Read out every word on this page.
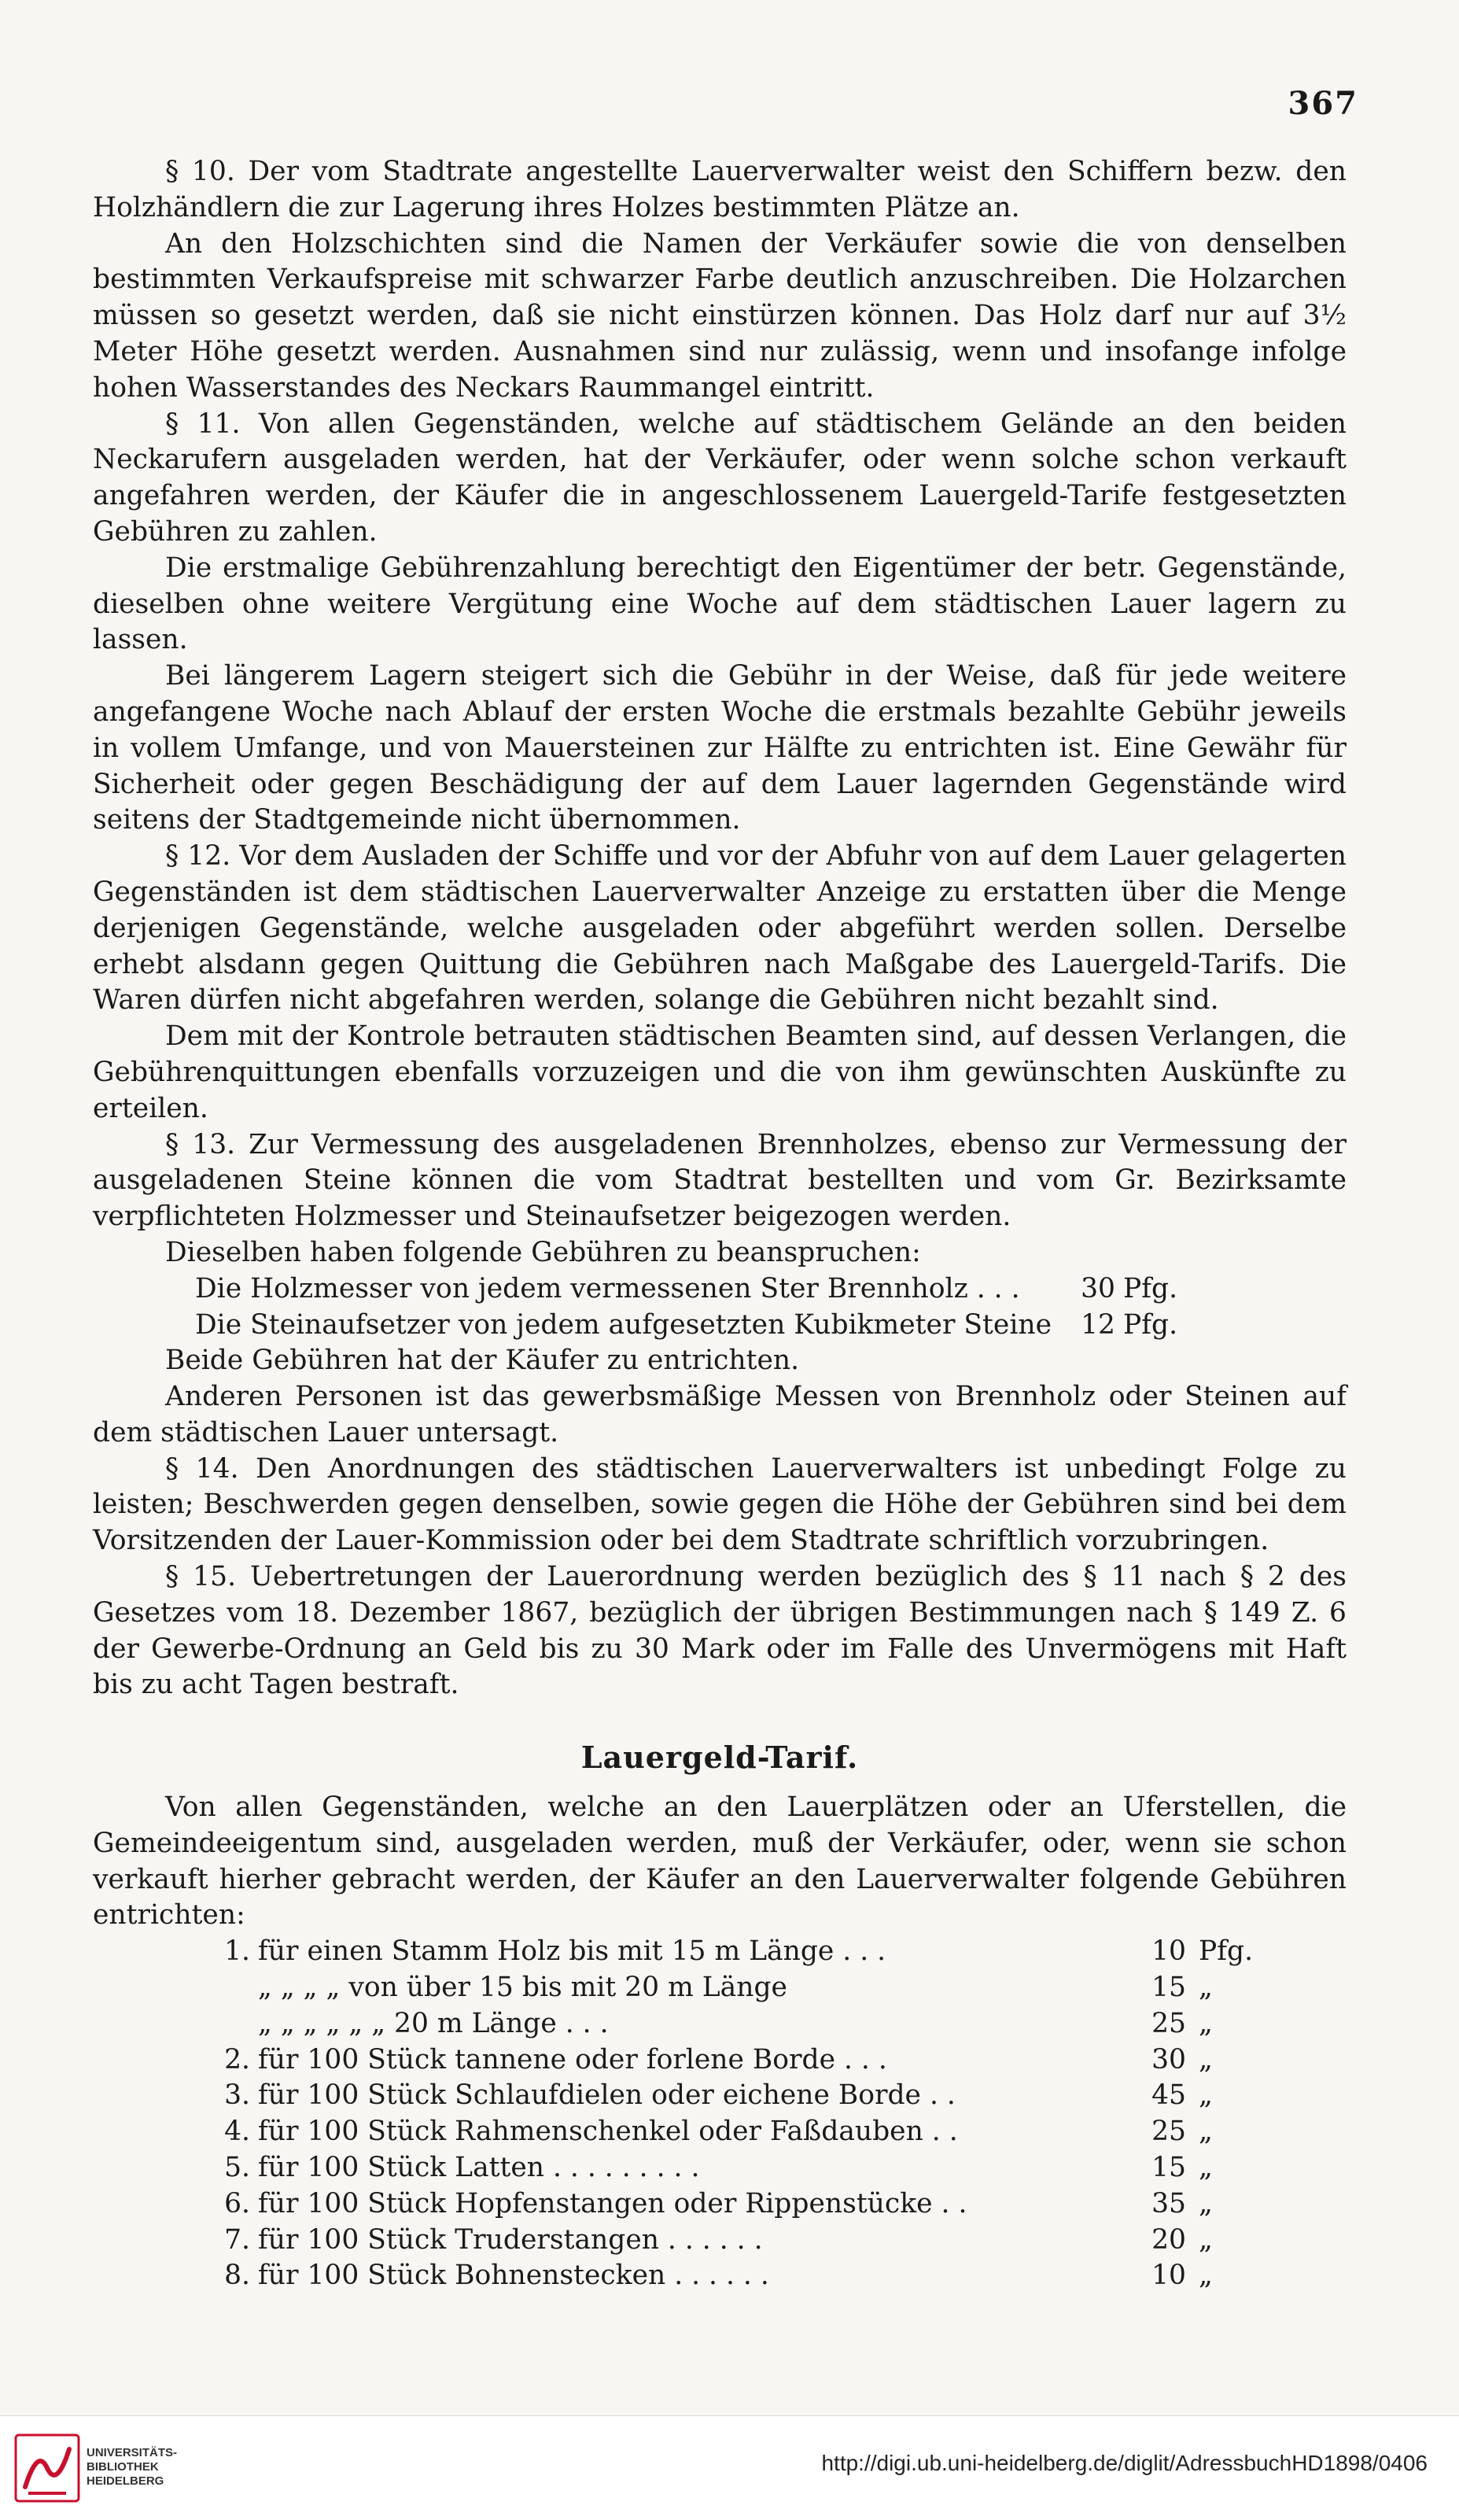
367

§ 10. Der vom Stadtrate angestellte Lauerverwalter weist den Schiffern bezw. den Holzhändlern die zur Lagerung ihres Holzes bestimmten Plätze an.

An den Holzschichten sind die Namen der Verkäufer sowie die von denselben bestimmten Verkaufspreise mit schwarzer Farbe deutlich anzuschreiben. Die Holzarchen müssen so gesetzt werden, daß sie nicht einstürzen können. Das Holz darf nur auf 3½ Meter Höhe gesetzt werden. Ausnahmen sind nur zulässig, wenn und insofange infolge hohen Wasserstandes des Neckars Raummangel eintritt.

§ 11. Von allen Gegenständen, welche auf städtischem Gelände an den beiden Neckarufern ausgeladen werden, hat der Verkäufer, oder wenn solche schon verkauft angefahren werden, der Käufer die in angeschlossenem Lauergeld-Tarife festgesetzten Gebühren zu zahlen.

Die erstmalige Gebührenzahlung berechtigt den Eigentümer der betr. Gegenstände, dieselben ohne weitere Vergütung eine Woche auf dem städtischen Lauer lagern zu lassen.

Bei längerem Lagern steigert sich die Gebühr in der Weise, daß für jede weitere angefangene Woche nach Ablauf der ersten Woche die erstmals bezahlte Gebühr jeweils in vollem Umfange, und von Mauersteinen zur Hälfte zu entrichten ist. Eine Gewähr für Sicherheit oder gegen Beschädigung der auf dem Lauer lagernden Gegenstände wird seitens der Stadtgemeinde nicht übernommen.

§ 12. Vor dem Ausladen der Schiffe und vor der Abfuhr von auf dem Lauer gelagerten Gegenständen ist dem städtischen Lauerverwalter Anzeige zu erstatten über die Menge derjenigen Gegenstände, welche ausgeladen oder abgeführt werden sollen. Derselbe erhebt alsdann gegen Quittung die Gebühren nach Maßgabe des Lauergeld-Tarifs. Die Waren dürfen nicht abgefahren werden, solange die Gebühren nicht bezahlt sind.

Dem mit der Kontrole betrauten städtischen Beamten sind, auf dessen Verlangen, die Gebührenquittungen ebenfalls vorzuzeigen und die von ihm gewünschten Auskünfte zu erteilen.

§ 13. Zur Vermessung des ausgeladenen Brennholzes, ebenso zur Vermessung der ausgeladenen Steine können die vom Stadtrat bestellten und vom Gr. Bezirksamte verpflichteten Holzmesser und Steinaufsetzer beigezogen werden.

Dieselben haben folgende Gebühren zu beanspruchen:

Die Holzmesser von jedem vermessenen Ster Brennholz . . .	30	Pfg.
Die Steinaufsetzer von jedem aufgesetzten Kubikmeter Steine	12	Pfg.

Beide Gebühren hat der Käufer zu entrichten.

Anderen Personen ist das gewerbsmäßige Messen von Brennholz oder Steinen auf dem städtischen Lauer untersagt.

§ 14. Den Anordnungen des städtischen Lauerverwalters ist unbedingt Folge zu leisten; Beschwerden gegen denselben, sowie gegen die Höhe der Gebühren sind bei dem Vorsitzenden der Lauer-Kommission oder bei dem Stadtrate schriftlich vorzubringen.

§ 15. Uebertretungen der Lauerordnung werden bezüglich des § 11 nach § 2 des Gesetzes vom 18. Dezember 1867, bezüglich der übrigen Bestimmungen nach § 149 Z. 6 der Gewerbe-Ordnung an Geld bis zu 30 Mark oder im Falle des Unvermögens mit Haft bis zu acht Tagen bestraft.

Lauergeld-Tarif.

Von allen Gegenständen, welche an den Lauerplätzen oder an Uferstellen, die Gemeindeeigentum sind, ausgeladen werden, muß der Verkäufer, oder, wenn sie schon verkauft hierher gebracht werden, der Käufer an den Lauerverwalter folgende Gebühren entrichten:

1.	für einen Stamm Holz bis mit 15 m Länge . . .	10	Pfg.
	„ „ „ „ von über 15 bis mit 20 m Länge	15	„
	„ „ „ „ „ „ 20 m Länge . . .	25	„
2.	für 100 Stück tannene oder forlene Borde . . .	30	„
3.	für 100 Stück Schlaufdielen oder eichene Borde . .	45	„
4.	für 100 Stück Rahmenschenkel oder Faßdauben . .	25	„
5.	für 100 Stück Latten . . . . . . . . .	15	„
6.	für 100 Stück Hopfenstangen oder Rippenstücke . .	35	„
7.	für 100 Stück Truderstangen . . . . . .	20	„
8.	für 100 Stück Bohnenstecken . . . . . .	10	„
UNIVERSITÄTS-
BIBLIOTHEK
HEIDELBERG
http://digi.ub.uni-heidelberg.de/diglit/AdressbuchHD1898/0406
